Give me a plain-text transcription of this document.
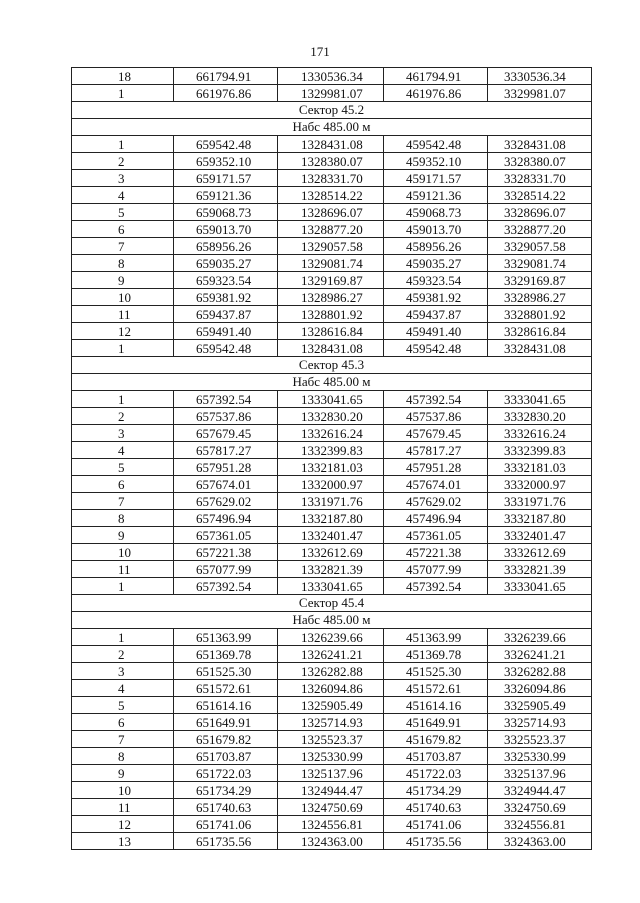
171
18	661794.91	1330536.34	461794.91	3330536.34
1	661976.86	1329981.07	461976.86	3329981.07
Сектор 45.2				
Набс 485.00 м				
1	659542.48	1328431.08	459542.48	3328431.08
2	659352.10	1328380.07	459352.10	3328380.07
3	659171.57	1328331.70	459171.57	3328331.70
4	659121.36	1328514.22	459121.36	3328514.22
5	659068.73	1328696.07	459068.73	3328696.07
6	659013.70	1328877.20	459013.70	3328877.20
7	658956.26	1329057.58	458956.26	3329057.58
8	659035.27	1329081.74	459035.27	3329081.74
9	659323.54	1329169.87	459323.54	3329169.87
10	659381.92	1328986.27	459381.92	3328986.27
11	659437.87	1328801.92	459437.87	3328801.92
12	659491.40	1328616.84	459491.40	3328616.84
1	659542.48	1328431.08	459542.48	3328431.08
Сектор 45.3				
Набс 485.00 м				
1	657392.54	1333041.65	457392.54	3333041.65
2	657537.86	1332830.20	457537.86	3332830.20
3	657679.45	1332616.24	457679.45	3332616.24
4	657817.27	1332399.83	457817.27	3332399.83
5	657951.28	1332181.03	457951.28	3332181.03
6	657674.01	1332000.97	457674.01	3332000.97
7	657629.02	1331971.76	457629.02	3331971.76
8	657496.94	1332187.80	457496.94	3332187.80
9	657361.05	1332401.47	457361.05	3332401.47
10	657221.38	1332612.69	457221.38	3332612.69
11	657077.99	1332821.39	457077.99	3332821.39
1	657392.54	1333041.65	457392.54	3333041.65
Сектор 45.4				
Набс 485.00 м				
1	651363.99	1326239.66	451363.99	3326239.66
2	651369.78	1326241.21	451369.78	3326241.21
3	651525.30	1326282.88	451525.30	3326282.88
4	651572.61	1326094.86	451572.61	3326094.86
5	651614.16	1325905.49	451614.16	3325905.49
6	651649.91	1325714.93	451649.91	3325714.93
7	651679.82	1325523.37	451679.82	3325523.37
8	651703.87	1325330.99	451703.87	3325330.99
9	651722.03	1325137.96	451722.03	3325137.96
10	651734.29	1324944.47	451734.29	3324944.47
11	651740.63	1324750.69	451740.63	3324750.69
12	651741.06	1324556.81	451741.06	3324556.81
13	651735.56	1324363.00	451735.56	3324363.00
